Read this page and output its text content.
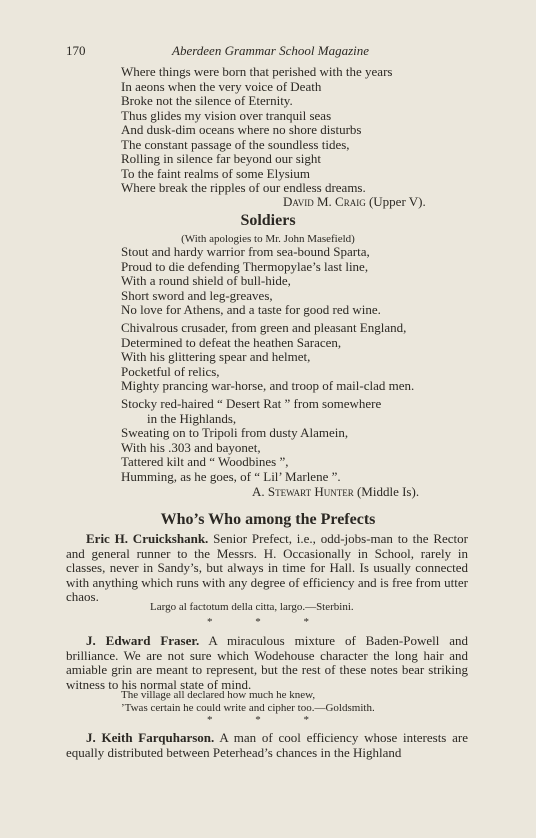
170	Aberdeen Grammar School Magazine
Where things were born that perished with the years
In aeons when the very voice of Death
Broke not the silence of Eternity.
Thus glides my vision over tranquil seas
And dusk-dim oceans where no shore disturbs
The constant passage of the soundless tides,
Rolling in silence far beyond our sight
To the faint realms of some Elysium
Where break the ripples of our endless dreams.
David M. Craig (Upper V).
Soldiers
(With apologies to Mr. John Masefield)
Stout and hardy warrior from sea-bound Sparta,
Proud to die defending Thermopylae’s last line,
With a round shield of bull-hide,
Short sword and leg-greaves,
No love for Athens, and a taste for good red wine.
Chivalrous crusader, from green and pleasant England,
Determined to defeat the heathen Saracen,
With his glittering spear and helmet,
Pocketful of relics,
Mighty prancing war-horse, and troop of mail-clad men.
Stocky red-haired “ Desert Rat ” from somewhere
in the Highlands,
Sweating on to Tripoli from dusty Alamein,
With his .303 and bayonet,
Tattered kilt and “ Woodbines ”,
Humming, as he goes, of “ Lil’ Marlene ”.
A. Stewart Hunter (Middle Is).
Who’s Who among the Prefects
Eric H. Cruickshank. Senior Prefect, i.e., odd-jobs-man to the Rector and general runner to the Messrs. H. Occasionally in School, rarely in classes, never in Sandy’s, but always in time for Hall. Is usually connected with anything which runs with any degree of efficiency and is free from utter chaos.
Largo al factotum della citta, largo.—Sterbini.
* * *
J. Edward Fraser. A miraculous mixture of Baden-Powell and brilliance. We are not sure which Wodehouse character the long hair and amiable grin are meant to represent, but the rest of these notes bear striking witness to his normal state of mind.
The village all declared how much he knew,
’Twas certain he could write and cipher too.—Goldsmith.
* * *
J. Keith Farquharson. A man of cool efficiency whose interests are equally distributed between Peterhead’s chances in the Highland
